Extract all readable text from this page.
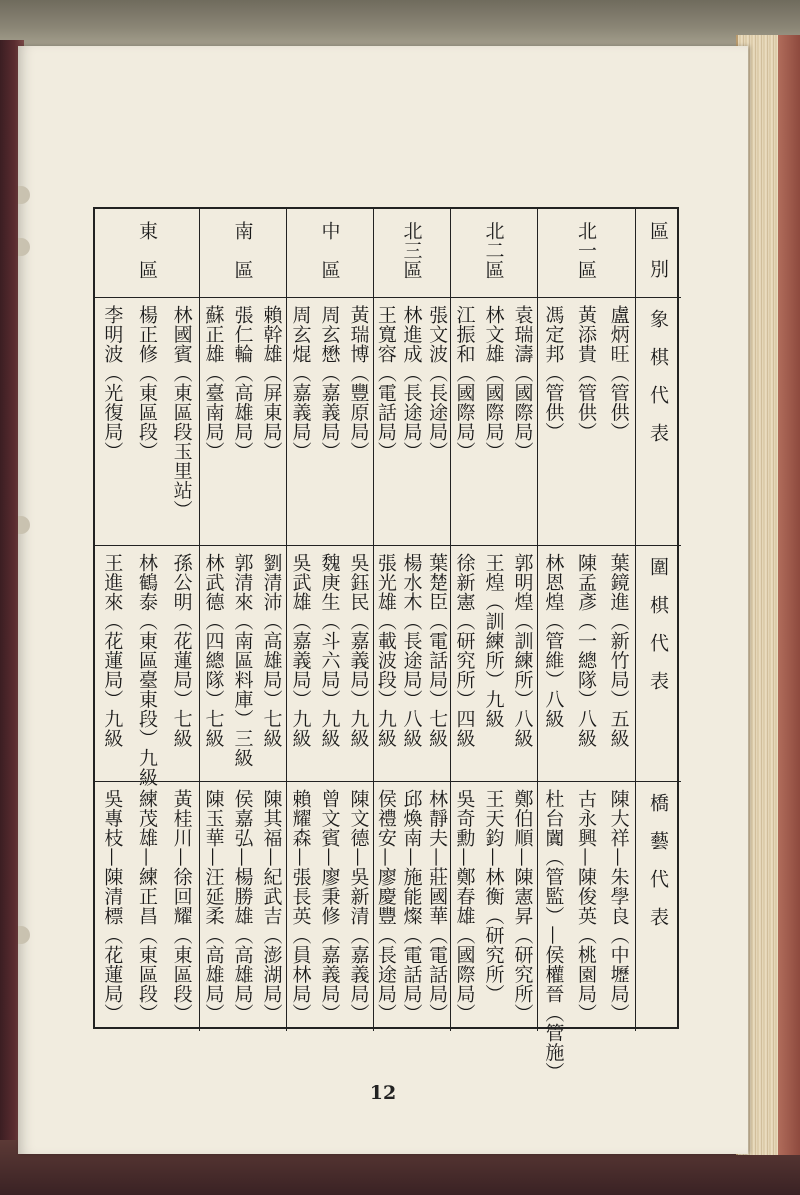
區　別
象　棋　代　表
圍　棋　代　表
橋　藝　代　表
北一區
盧炳旺（管供）
黃添貴（管供）
馮定邦（管供）
葉鏡進（新竹局）五級
陳孟彥（一總隊）八級
林恩煌（管維）八級
陳大祥—朱學良（中壢局）
古永興—陳俊英（桃園局）
杜台闐（管監）—侯權晉（管施）
北二區
袁瑞濤（國際局）
林文雄（國際局）
江振和（國際局）
郭明煌（訓練所）八級
王煌（訓練所）九級
徐新憲（研究所）四級
鄭伯順—陳憲昇（研究所）
王天鈞—林衡（研究所）
吳奇勳—鄭春雄（國際局）
北三區
張文波（長途局）
林進成（長途局）
王寬容（電話局）
葉楚臣（電話局）七級
楊水木（長途局）八級
張光雄（載波段）九級
林靜夫—莊國華（電話局）
邱煥南—施能燦（電話局）
侯禮安—廖慶豐（長途局）
中　區
黃瑞博（豐原局）
周玄懋（嘉義局）
周玄焜（嘉義局）
吳鈺民（嘉義局）九級
魏庚生（斗六局）九級
吳武雄（嘉義局）九級
陳文德—吳新清（嘉義局）
曾文賓—廖秉修（嘉義局）
賴耀森—張長英（員林局）
南　區
賴幹雄（屏東局）
張仁輪（高雄局）
蘇正雄（臺南局）
劉清沛（高雄局）七級
郭清來（南區料庫）三級
林武德（四總隊）七級
陳其福—紀武吉（澎湖局）
侯嘉弘—楊勝雄（高雄局）
陳玉華—汪延柔（高雄局）
東　區
林國賓（東區段玉里站）
楊正修（東區段）
李明波（光復局）
孫公明（花蓮局）七級
林鶴泰（東區臺東段）九級
王進來（花蓮局）九級
黃桂川—徐回耀（東區段）
練茂雄—練正昌（東區段）
吳專枝—陳清標（花蓮局）
12
